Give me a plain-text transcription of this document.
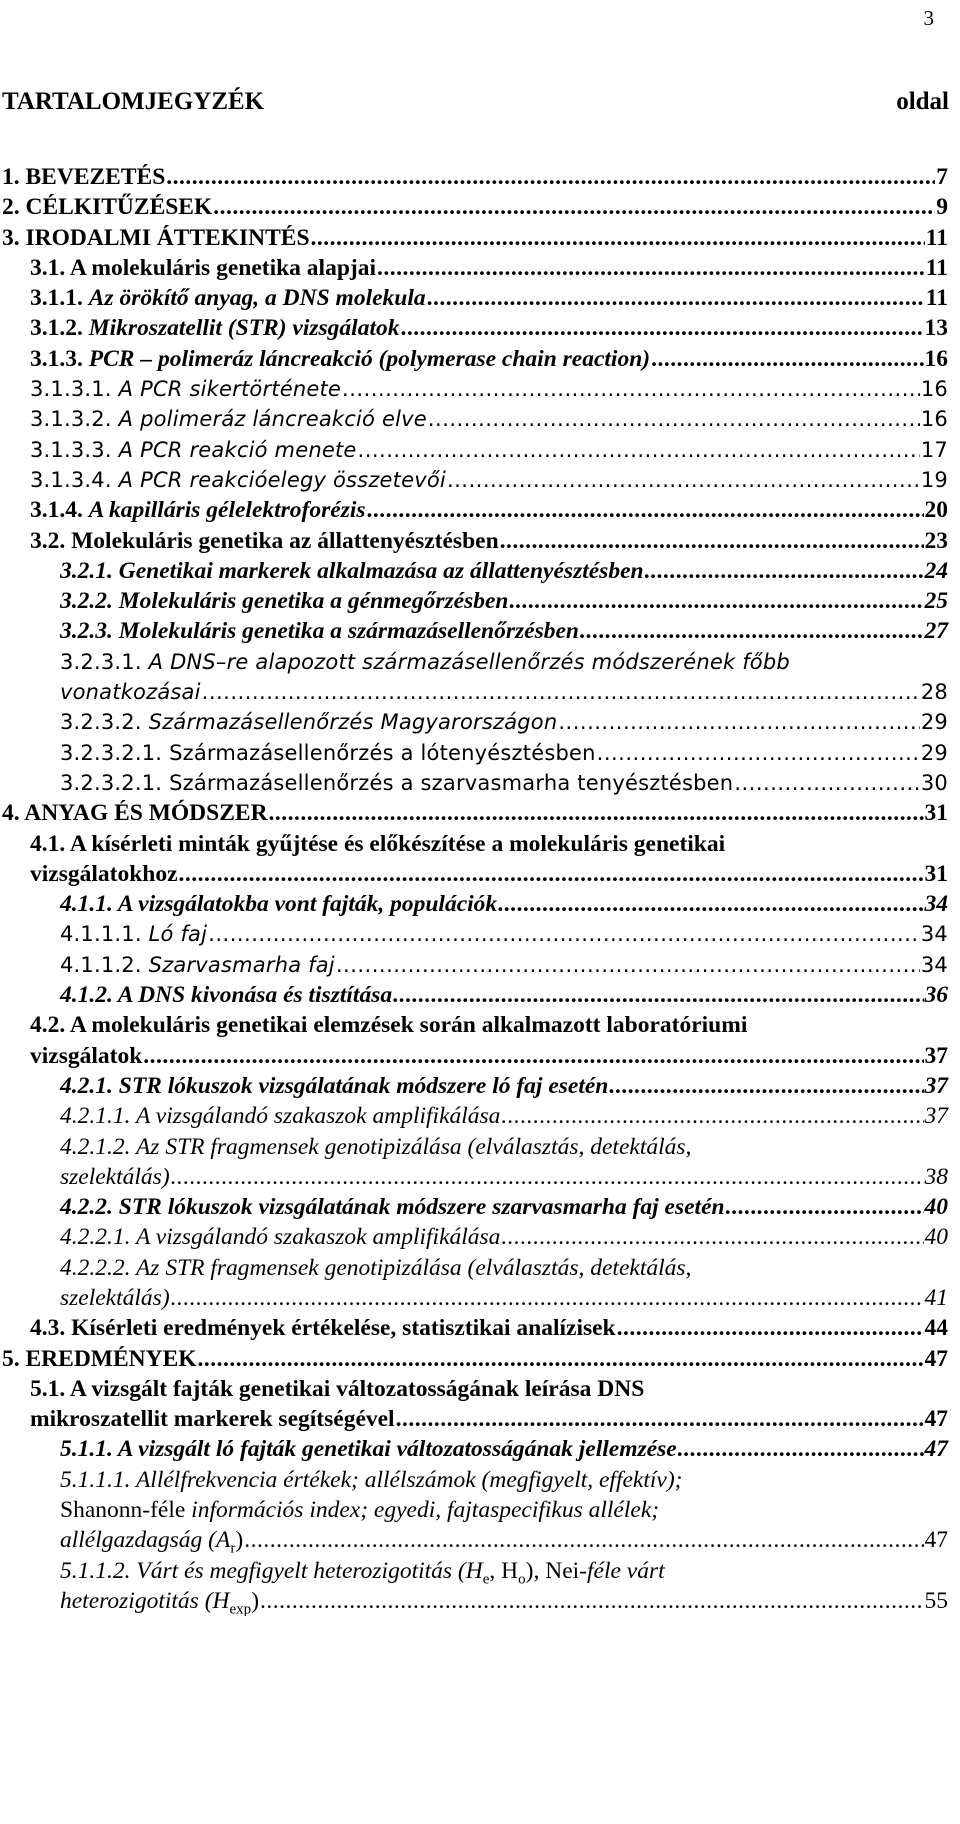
3
TARTALOMJEGYZÉK	oldal
1. BEVEZETÉS .....	7
2. CÉLKITŰZÉSEK .....	9
3. IRODALMI ÁTTEKINTÉS .....	11
3.1. A molekuláris genetika alapjai .....	11
3.1.1. Az örökítő anyag, a DNS molekula .....	11
3.1.2. Mikroszatellit (STR) vizsgálatok .....	13
3.1.3. PCR – polimeráz láncreakció (polymerase chain reaction) .....	16
3.1.3.1. A PCR sikertörténete .....	16
3.1.3.2. A polimeráz láncreakció elve .....	16
3.1.3.3. A PCR reakció menete .....	17
3.1.3.4. A PCR reakcióelegy összetevői .....	19
3.1.4. A kapilláris gélelektroforézis .....	20
3.2. Molekuláris genetika az állattenyésztésben .....	23
3.2.1. Genetikai markerek alkalmazása az állattenyésztésben .....	24
3.2.2. Molekuláris genetika a génmegőrzésben .....	25
3.2.3. Molekuláris genetika a származásellenőrzésben .....	27
3.2.3.1. A DNS–re alapozott származásellenőrzés módszerének főbb
vonatkozásai .....	28
3.2.3.2. Származásellenőrzés Magyarországon .....	29
3.2.3.2.1. Származásellenőrzés a lótenyésztésben .....	29
3.2.3.2.1. Származásellenőrzés a szarvasmarha tenyésztésben .....	30
4. ANYAG ÉS MÓDSZER .....	31
4.1. A kísérleti minták gyűjtése és előkészítése a molekuláris genetikai
vizsgálatokhoz .....	31
4.1.1. A vizsgálatokba vont fajták, populációk .....	34
4.1.1.1. Ló faj .....	34
4.1.1.2. Szarvasmarha faj .....	34
4.1.2. A DNS kivonása és tisztítása .....	36
4.2. A molekuláris genetikai elemzések során alkalmazott laboratóriumi
vizsgálatok .....	37
4.2.1. STR lókuszok vizsgálatának módszere ló faj esetén .....	37
4.2.1.1. A vizsgálandó szakaszok amplifikálása .....	37
4.2.1.2. Az STR fragmensek genotipizálása (elválasztás, detektálás,
szelektálás) .....	38
4.2.2. STR lókuszok vizsgálatának módszere szarvasmarha faj esetén .....	40
4.2.2.1. A vizsgálandó szakaszok amplifikálása .....	40
4.2.2.2. Az STR fragmensek genotipizálása (elválasztás, detektálás,
szelektálás) .....	41
4.3. Kísérleti eredmények értékelése, statisztikai analízisek .....	44
5. EREDMÉNYEK .....	47
5.1. A vizsgált fajták genetikai változatosságának leírása DNS
mikroszatellit markerek segítségével .....	47
5.1.1. A vizsgált ló fajták genetikai változatosságának jellemzése .....	47
5.1.1.1. Allélfrekvencia értékek; allélszámok (megfigyelt, effektív);
Shanonn-féle információs index; egyedi, fajtaspecifikus allélek;
allélgazdagság $(A_r)$ .....	47
5.1.1.2. Várt és megfigyelt heterozigotitás ($H_e$, $H_o$), Nei-féle várt
heterozigotitás $(H_{exp})$ .....	55
